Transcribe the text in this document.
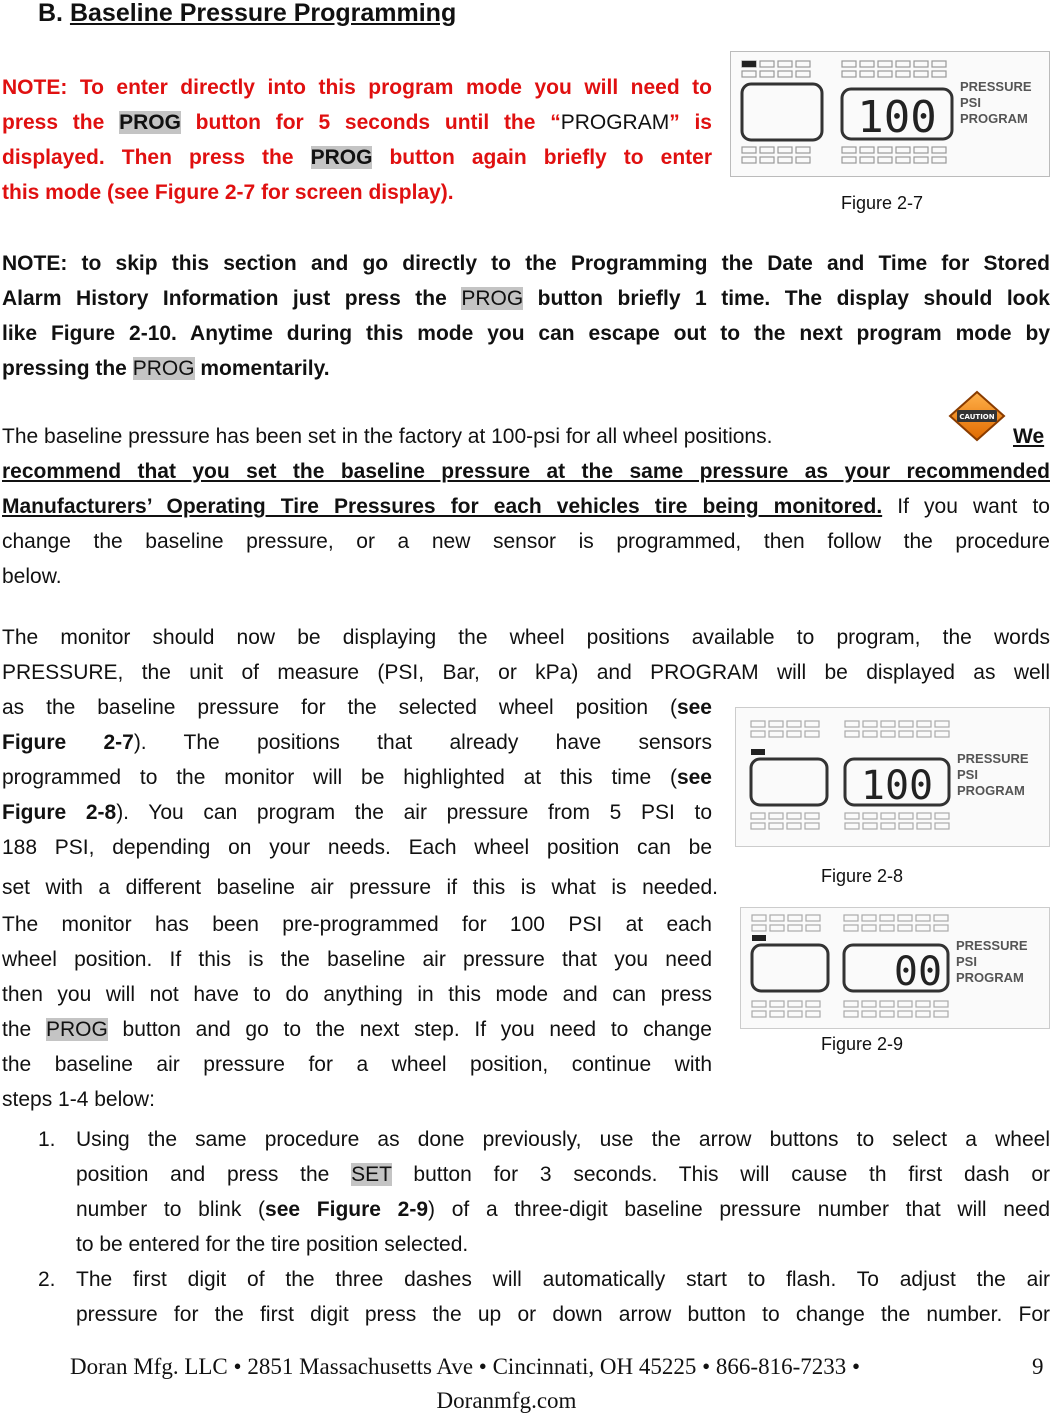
B. Baseline Pressure Programming
NOTE: To enter directly into this program mode you will need to
press the PROG button for 5 seconds until the “PROGRAM” is
displayed. Then press the PROG button again briefly to enter
this mode (see Figure 2-7 for screen display).
100
PRESSURE
PSI
PROGRAM
Figure 2-7
NOTE: to skip this section and go directly to the Programming the Date and Time for Stored
Alarm History Information just press the PROG button briefly 1 time. The display should look
like Figure 2-10. Anytime during this mode you can escape out to the next program mode by
pressing the PROG momentarily.
The baseline pressure has been set in the factory at 100-psi for all wheel positions.
CAUTION
We
recommend that you set the baseline pressure at the same pressure as your recommended
Manufacturers’ Operating Tire Pressures for each vehicles tire being monitored. If you want to
change the baseline pressure, or a new sensor is programmed, then follow the procedure
below.
The monitor should now be displaying the wheel positions available to program, the words
PRESSURE, the unit of measure (PSI, Bar, or kPa) and PROGRAM will be displayed as well
as the baseline pressure for the selected wheel position (see
Figure 2-7). The positions that already have sensors
programmed to the monitor will be highlighted at this time (see
Figure 2-8). You can program the air pressure from 5 PSI to
188 PSI, depending on your needs. Each wheel position can be
set with a different baseline air pressure if this is what is needed.
The monitor has been pre-programmed for 100 PSI at each
wheel position. If this is the baseline air pressure that you need
then you will not have to do anything in this mode and can press
the PROG button and go to the next step. If you need to change
the baseline air pressure for a wheel position, continue with
steps 1-4 below:
100
PRESSURE
PSI
PROGRAM
Figure 2-8
00
PRESSURE
PSI
PROGRAM
Figure 2-9
1. Using the same procedure as done previously, use the arrow buttons to select a wheel
position and press the SET button for 3 seconds. This will cause th first dash or
number to blink (see Figure 2-9) of a three-digit baseline pressure number that will need
to be entered for the tire position selected.
2. The first digit of the three dashes will automatically start to flash. To adjust the air
pressure for the first digit press the up or down arrow button to change the number. For
Doran Mfg. LLC • 2851 Massachusetts Ave • Cincinnati, OH 45225 • 866-816-7233 •
Doranmfg.com
9
